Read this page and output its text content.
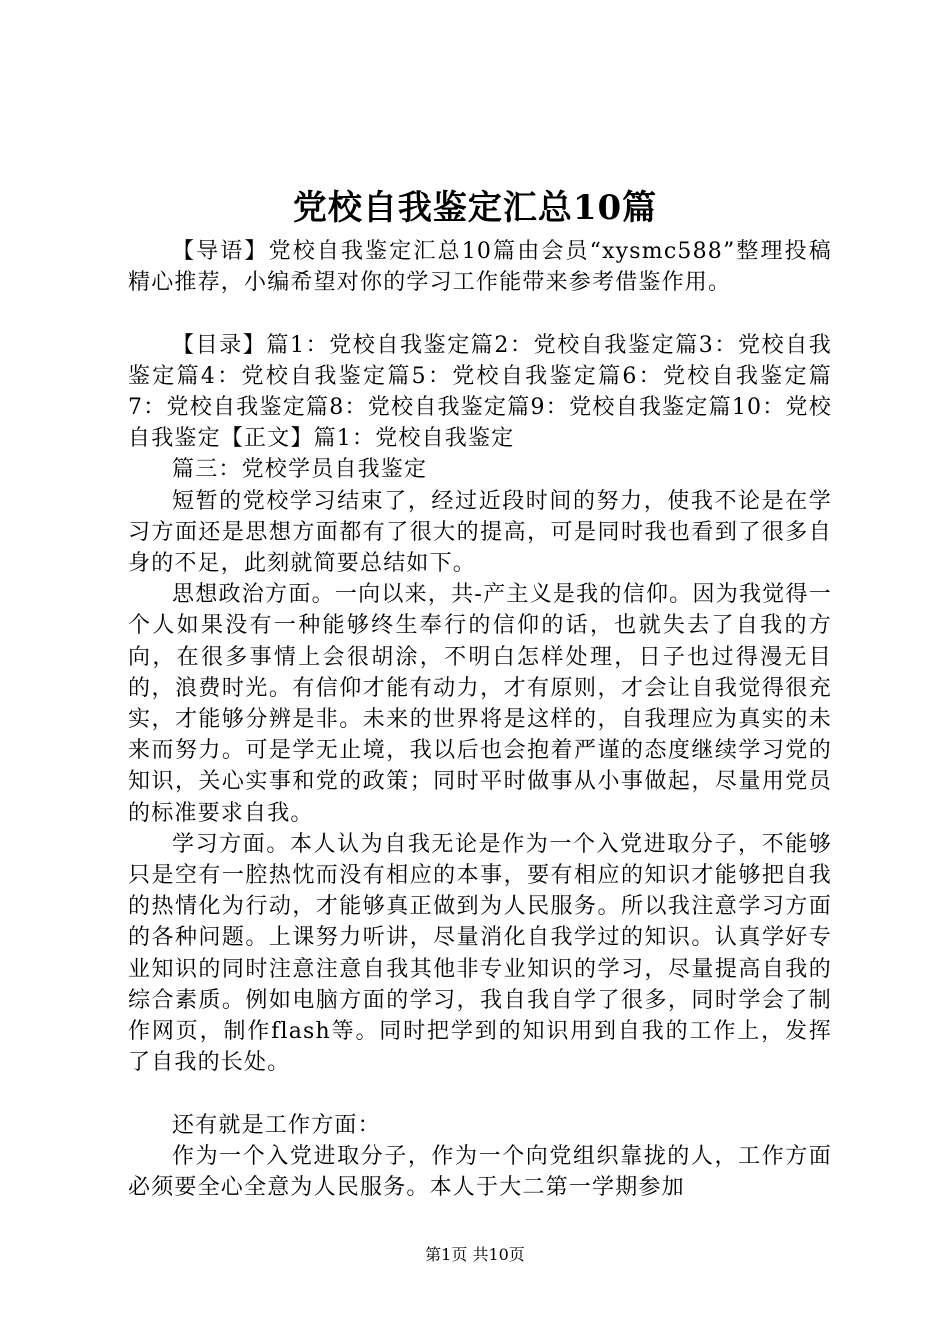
党校自我鉴定汇总10篇

【导语】党校自我鉴定汇总10篇由会员“xysmc588”整理投稿精心推荐，小编希望对你的学习工作能带来参考借鉴作用。

【目录】篇1：党校自我鉴定篇2：党校自我鉴定篇3：党校自我鉴定篇4：党校自我鉴定篇5：党校自我鉴定篇6：党校自我鉴定篇7：党校自我鉴定篇8：党校自我鉴定篇9：党校自我鉴定篇10：党校自我鉴定【正文】篇1：党校自我鉴定

篇三：党校学员自我鉴定

短暂的党校学习结束了，经过近段时间的努力，使我不论是在学习方面还是思想方面都有了很大的提高，可是同时我也看到了很多自身的不足，此刻就简要总结如下。

思想政治方面。一向以来，共-产主义是我的信仰。因为我觉得一个人如果没有一种能够终生奉行的信仰的话，也就失去了自我的方向，在很多事情上会很胡涂，不明白怎样处理，日子也过得漫无目的，浪费时光。有信仰才能有动力，才有原则，才会让自我觉得很充实，才能够分辨是非。未来的世界将是这样的，自我理应为真实的未来而努力。可是学无止境，我以后也会抱着严谨的态度继续学习党的知识，关心实事和党的政策；同时平时做事从小事做起，尽量用党员的标准要求自我。

学习方面。本人认为自我无论是作为一个入党进取分子，不能够只是空有一腔热忱而没有相应的本事，要有相应的知识才能够把自我的热情化为行动，才能够真正做到为人民服务。所以我注意学习方面的各种问题。上课努力听讲，尽量消化自我学过的知识。认真学好专业知识的同时注意注意自我其他非专业知识的学习，尽量提高自我的综合素质。例如电脑方面的学习，我自我自学了很多，同时学会了制作网页，制作flash等。同时把学到的知识用到自我的工作上，发挥了自我的长处。

还有就是工作方面：

作为一个入党进取分子，作为一个向党组织靠拢的人，工作方面必须要全心全意为人民服务。本人于大二第一学期参加

第1页 共10页
